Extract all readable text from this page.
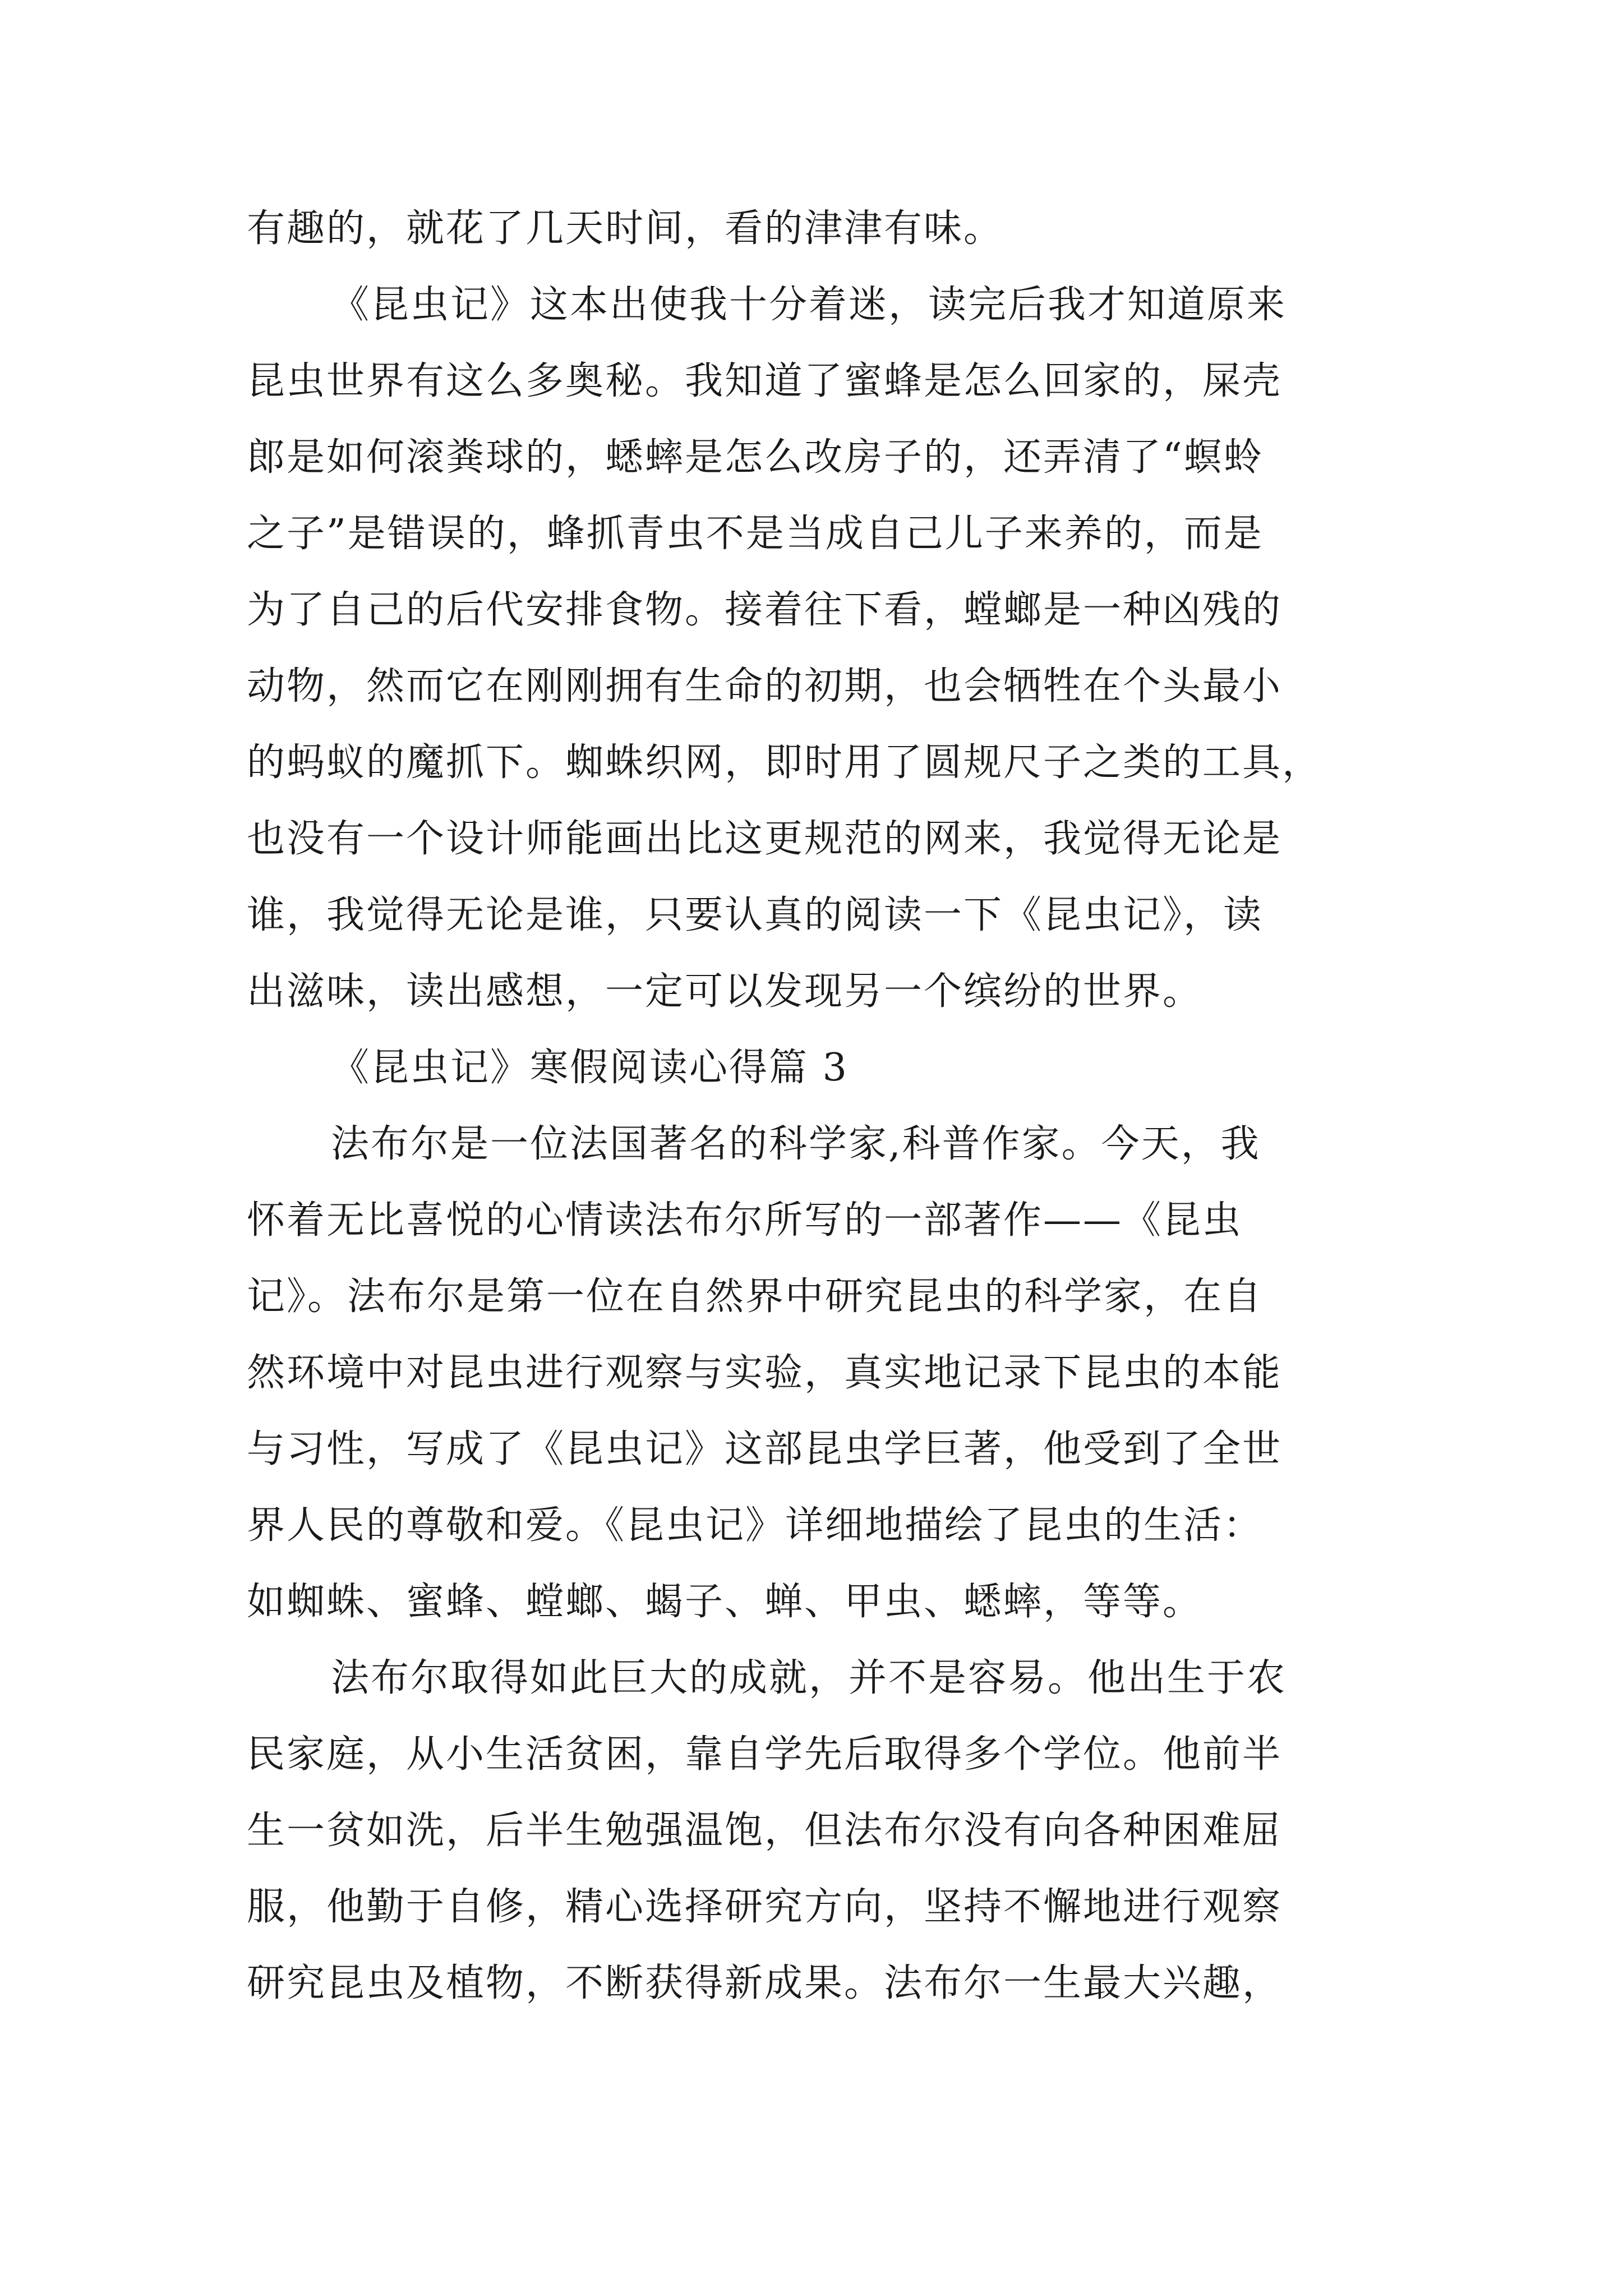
有趣的，就花了几天时间，看的津津有味。
《昆虫记》这本出使我十分着迷，读完后我才知道原来
昆虫世界有这么多奥秘。我知道了蜜蜂是怎么回家的，屎壳
郎是如何滚粪球的，蟋蟀是怎么改房子的，还弄清了“螟蛉
之子”是错误的，蜂抓青虫不是当成自己儿子来养的，而是
为了自己的后代安排食物。接着往下看，螳螂是一种凶残的
动物，然而它在刚刚拥有生命的初期，也会牺牲在个头最小
的蚂蚁的魔抓下。蜘蛛织网，即时用了圆规尺子之类的工具，
也没有一个设计师能画出比这更规范的网来，我觉得无论是
谁，我觉得无论是谁，只要认真的阅读一下《昆虫记》，读
出滋味，读出感想，一定可以发现另一个缤纷的世界。
《昆虫记》寒假阅读心得篇 3
法布尔是一位法国著名的科学家,科普作家。今天，我
怀着无比喜悦的心情读法布尔所写的一部著作——《昆虫
记》。法布尔是第一位在自然界中研究昆虫的科学家，在自
然环境中对昆虫进行观察与实验，真实地记录下昆虫的本能
与习性，写成了《昆虫记》这部昆虫学巨著，他受到了全世
界人民的尊敬和爱。《昆虫记》详细地描绘了昆虫的生活：
如蜘蛛、蜜蜂、螳螂、蝎子、蝉、甲虫、蟋蟀，等等。
法布尔取得如此巨大的成就，并不是容易。他出生于农
民家庭，从小生活贫困，靠自学先后取得多个学位。他前半
生一贫如洗，后半生勉强温饱，但法布尔没有向各种困难屈
服，他勤于自修，精心选择研究方向，坚持不懈地进行观察
研究昆虫及植物，不断获得新成果。法布尔一生最大兴趣，
